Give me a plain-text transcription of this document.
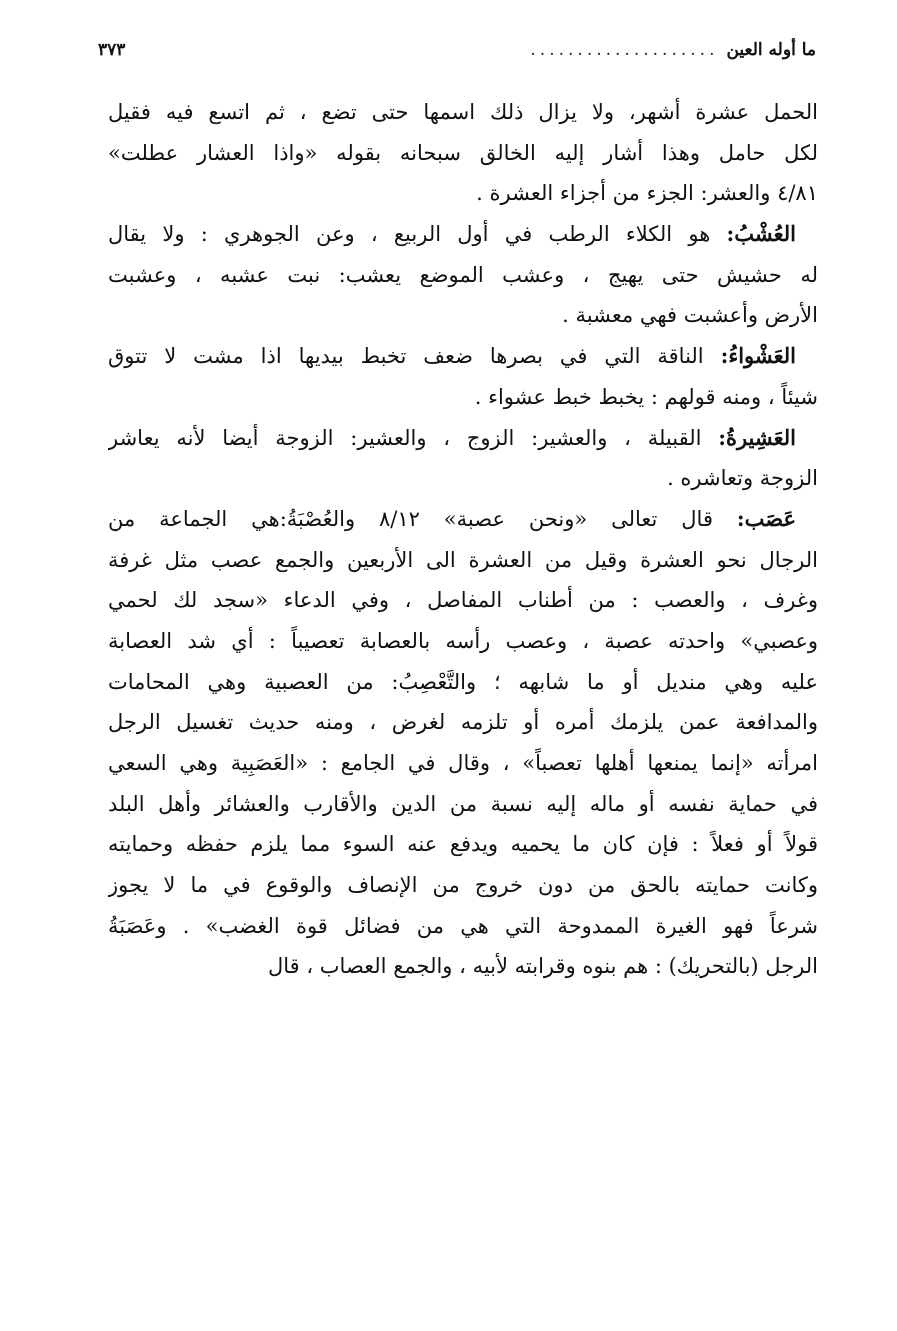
ما أوله العين
....................
٣٧٣
الحمل عشرة أشهر، ولا يزال ذلك اسمها حتى تضع ، ثم اتسع فيه فقيل
لكل حامل وهذا أشار إليه الخالق سبحانه بقوله «واذا العشار عطلت»
٤/٨١ والعشر: الجزء من أجزاء العشرة .
العُشْبُ: هو الكلاء الرطب في أول الربيع ، وعن الجوهري : ولا يقال
له حشيش حتى يهيج ، وعشب الموضع يعشب: نبت عشبه ، وعشبت
الأرض وأعشبت فهي معشبة .
العَشْواءُ: الناقة التي في بصرها ضعف تخبط بيديها اذا مشت لا تتوق
شيئاً ، ومنه قولهم : يخبط خبط عشواء .
العَشِيرةُ: القبيلة ، والعشير: الزوج ، والعشير: الزوجة أيضا لأنه يعاشر
الزوجة وتعاشره .
عَصَب: قال تعالى «ونحن عصبة» ٨/١٢ والعُصْبَةُ:هي الجماعة من
الرجال نحو العشرة وقيل من العشرة الى الأربعين والجمع عصب مثل غرفة
وغرف ، والعصب : من أطناب المفاصل ، وفي الدعاء «سجد لك لحمي
وعصبي» واحدته عصبة ، وعصب رأسه بالعصابة تعصيباً : أي شد العصابة
عليه وهي منديل أو ما شابهه ؛ والتَّعْصِبُ: من العصبية وهي المحامات
والمدافعة عمن يلزمك أمره أو تلزمه لغرض ، ومنه حديث تغسيل الرجل
امرأته «إنما يمنعها أهلها تعصباً» ، وقال في الجامع : «العَصَبِية وهي السعي
في حماية نفسه أو ماله إليه نسبة من الدين والأقارب والعشائر وأهل البلد
قولاً أو فعلاً : فإن كان ما يحميه ويدفع عنه السوء مما يلزم حفظه وحمايته
وكانت حمايته بالحق من دون خروج من الإنصاف والوقوع في ما لا يجوز
شرعاً فهو الغيرة الممدوحة التي هي من فضائل قوة الغضب» . وعَصَبَةُ
الرجل (بالتحريك) : هم بنوه وقرابته لأبيه ، والجمع العصاب ، قال
